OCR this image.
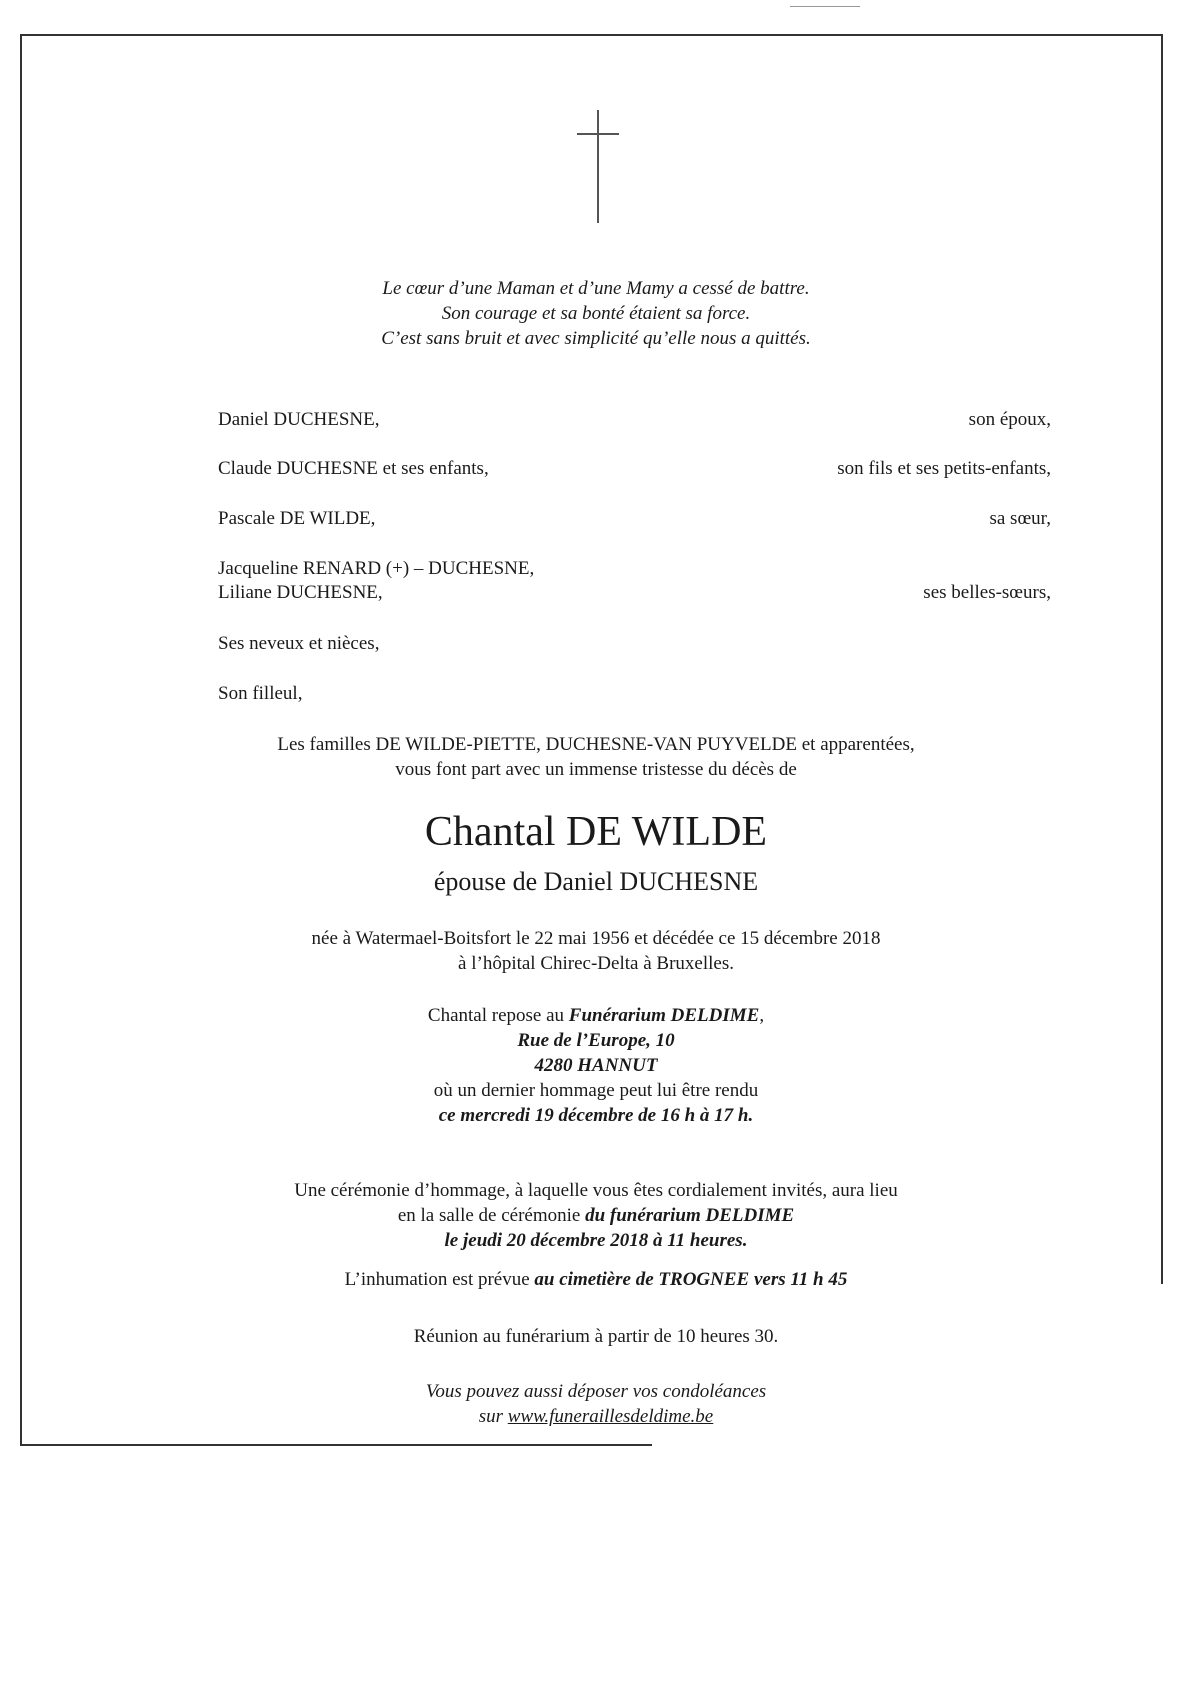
Le cœur d’une Maman et d’une Mamy a cessé de battre.
Son courage et sa bonté étaient sa force.
C’est sans bruit et avec simplicité qu’elle nous a quittés.
Daniel DUCHESNE,	son époux,
Claude DUCHESNE et ses enfants,	son fils et ses petits-enfants,
Pascale DE WILDE,	sa sœur,
Jacqueline RENARD (+) – DUCHESNE,
Liliane DUCHESNE,	ses belles-sœurs,
Ses neveux et nièces,
Son filleul,
Les familles DE WILDE-PIETTE, DUCHESNE-VAN PUYVELDE et apparentées,
vous font part avec un immense tristesse du décès de
Chantal DE WILDE
épouse de Daniel DUCHESNE
née à Watermael-Boitsfort le 22 mai 1956 et décédée ce 15 décembre 2018
à l’hôpital Chirec-Delta à Bruxelles.
Chantal repose au Funérarium DELDIME,
Rue de l’Europe, 10
4280 HANNUT
où un dernier hommage peut lui être rendu
ce mercredi 19 décembre de 16 h à 17 h.
Une cérémonie d’hommage, à laquelle vous êtes cordialement invités, aura lieu
en la salle de cérémonie du funérarium DELDIME
le jeudi 20 décembre 2018 à 11 heures.
L’inhumation est prévue au cimetière de TROGNEE vers 11 h 45
Réunion au funérarium à partir de 10 heures 30.
Vous pouvez aussi déposer vos condoléances
sur www.funeraillesdeldime.be
